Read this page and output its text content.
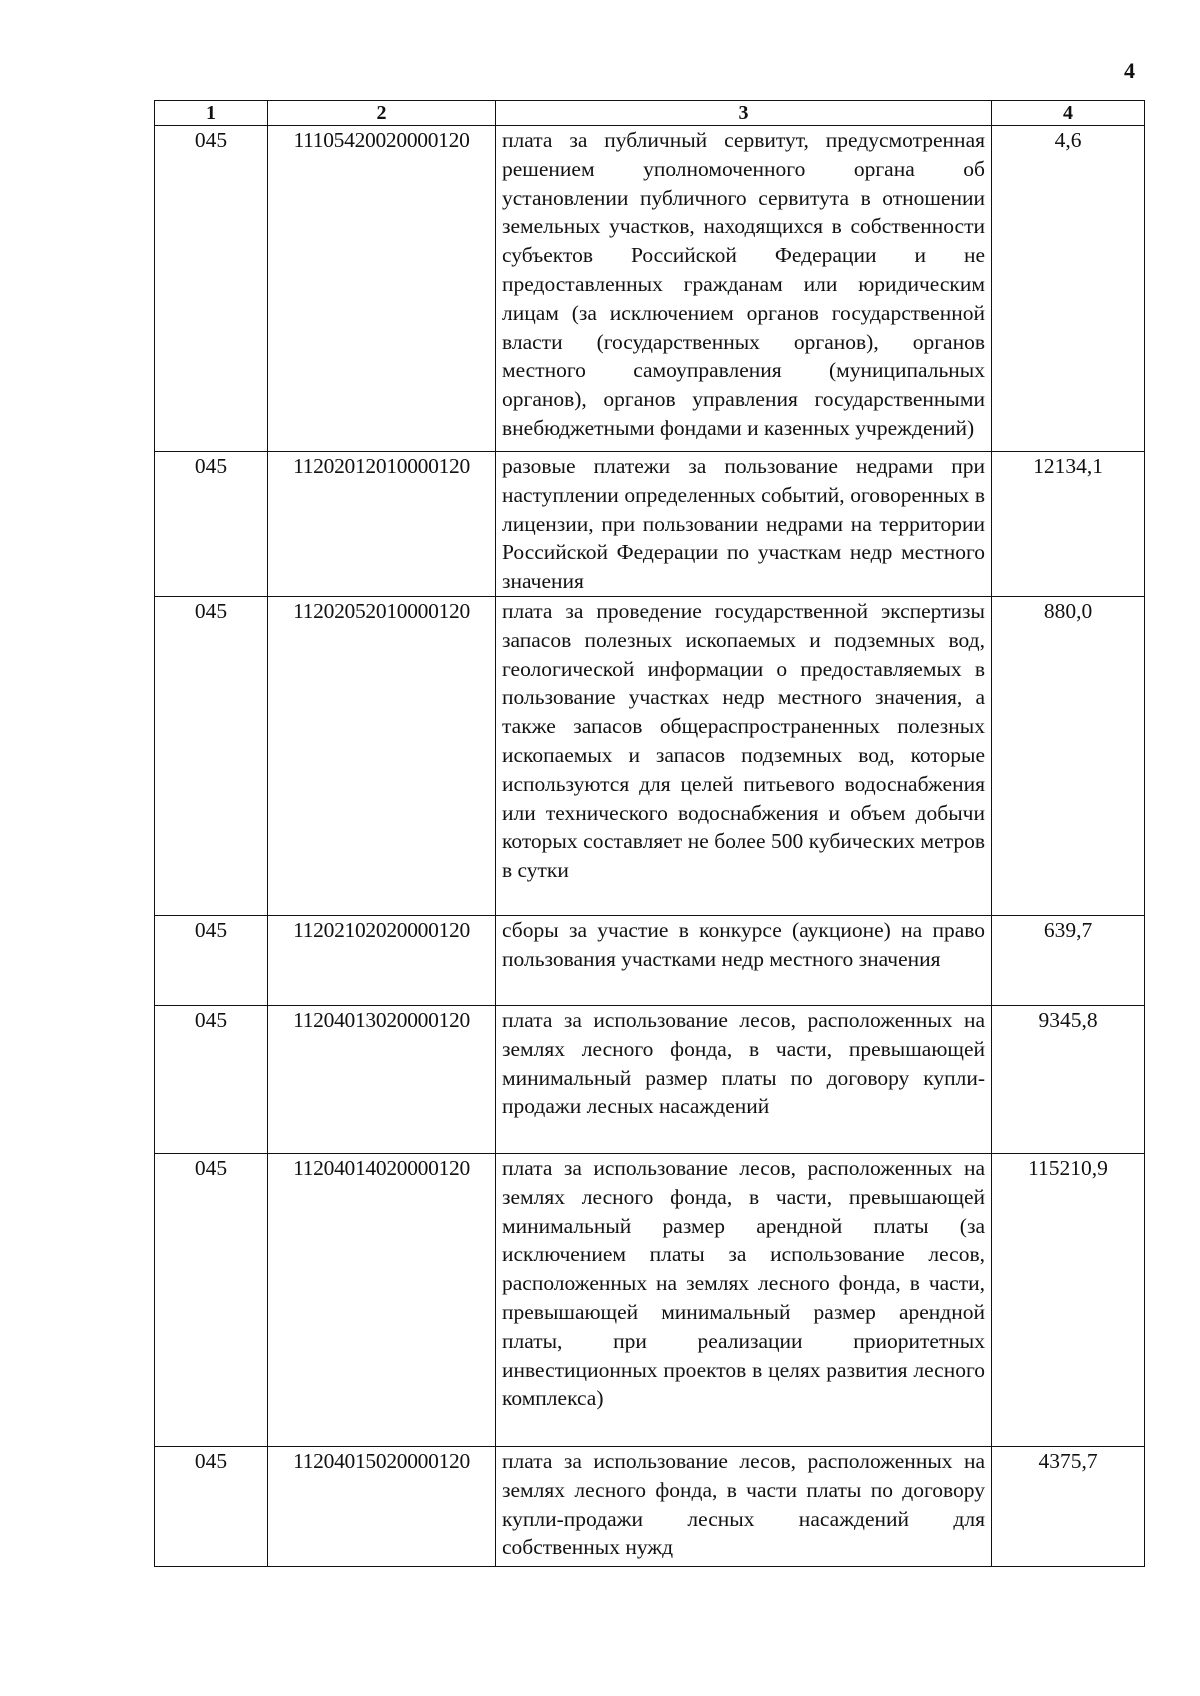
4
1	2	3	4
045	11105420020000120	плата за публичный сервитут, предусмотренная решением уполномоченного органа об установлении публичного сервитута в отношении земельных участков, находящихся в собственности субъектов Российской Федерации и не предоставленных гражданам или юридическим лицам (за исключением органов государственной власти (государственных органов), органов местного самоуправления (муниципальных органов), органов управления государственными внебюджетными фондами и казенных учреждений)	4,6
045	11202012010000120	разовые платежи за пользование недрами при наступлении определенных событий, оговоренных в лицензии, при пользовании недрами на территории Российской Федерации по участкам недр местного значения	12134,1
045	11202052010000120	плата за проведение государственной экспертизы запасов полезных ископаемых и подземных вод, геологической информации о предоставляемых в пользование участках недр местного значения, а также запасов общераспространенных полезных ископаемых и запасов подземных вод, которые используются для целей питьевого водоснабжения или технического водоснабжения и объем добычи которых составляет не более 500 кубических метров в сутки	880,0
045	11202102020000120	сборы за участие в конкурсе (аукционе) на право пользования участками недр местного значения	639,7
045	11204013020000120	плата за использование лесов, расположенных на землях лесного фонда, в части, превышающей минимальный размер платы по договору купли-продажи лесных насаждений	9345,8
045	11204014020000120	плата за использование лесов, расположенных на землях лесного фонда, в части, превышающей минимальный размер арендной платы (за исключением платы за использование лесов, расположенных на землях лесного фонда, в части, превышающей минимальный размер арендной платы, при реализации приоритетных инвестиционных проектов в целях развития лесного комплекса)	115210,9
045	11204015020000120	плата за использование лесов, расположенных на землях лесного фонда, в части платы по договору купли-продажи лесных насаждений для собственных нужд	4375,7
